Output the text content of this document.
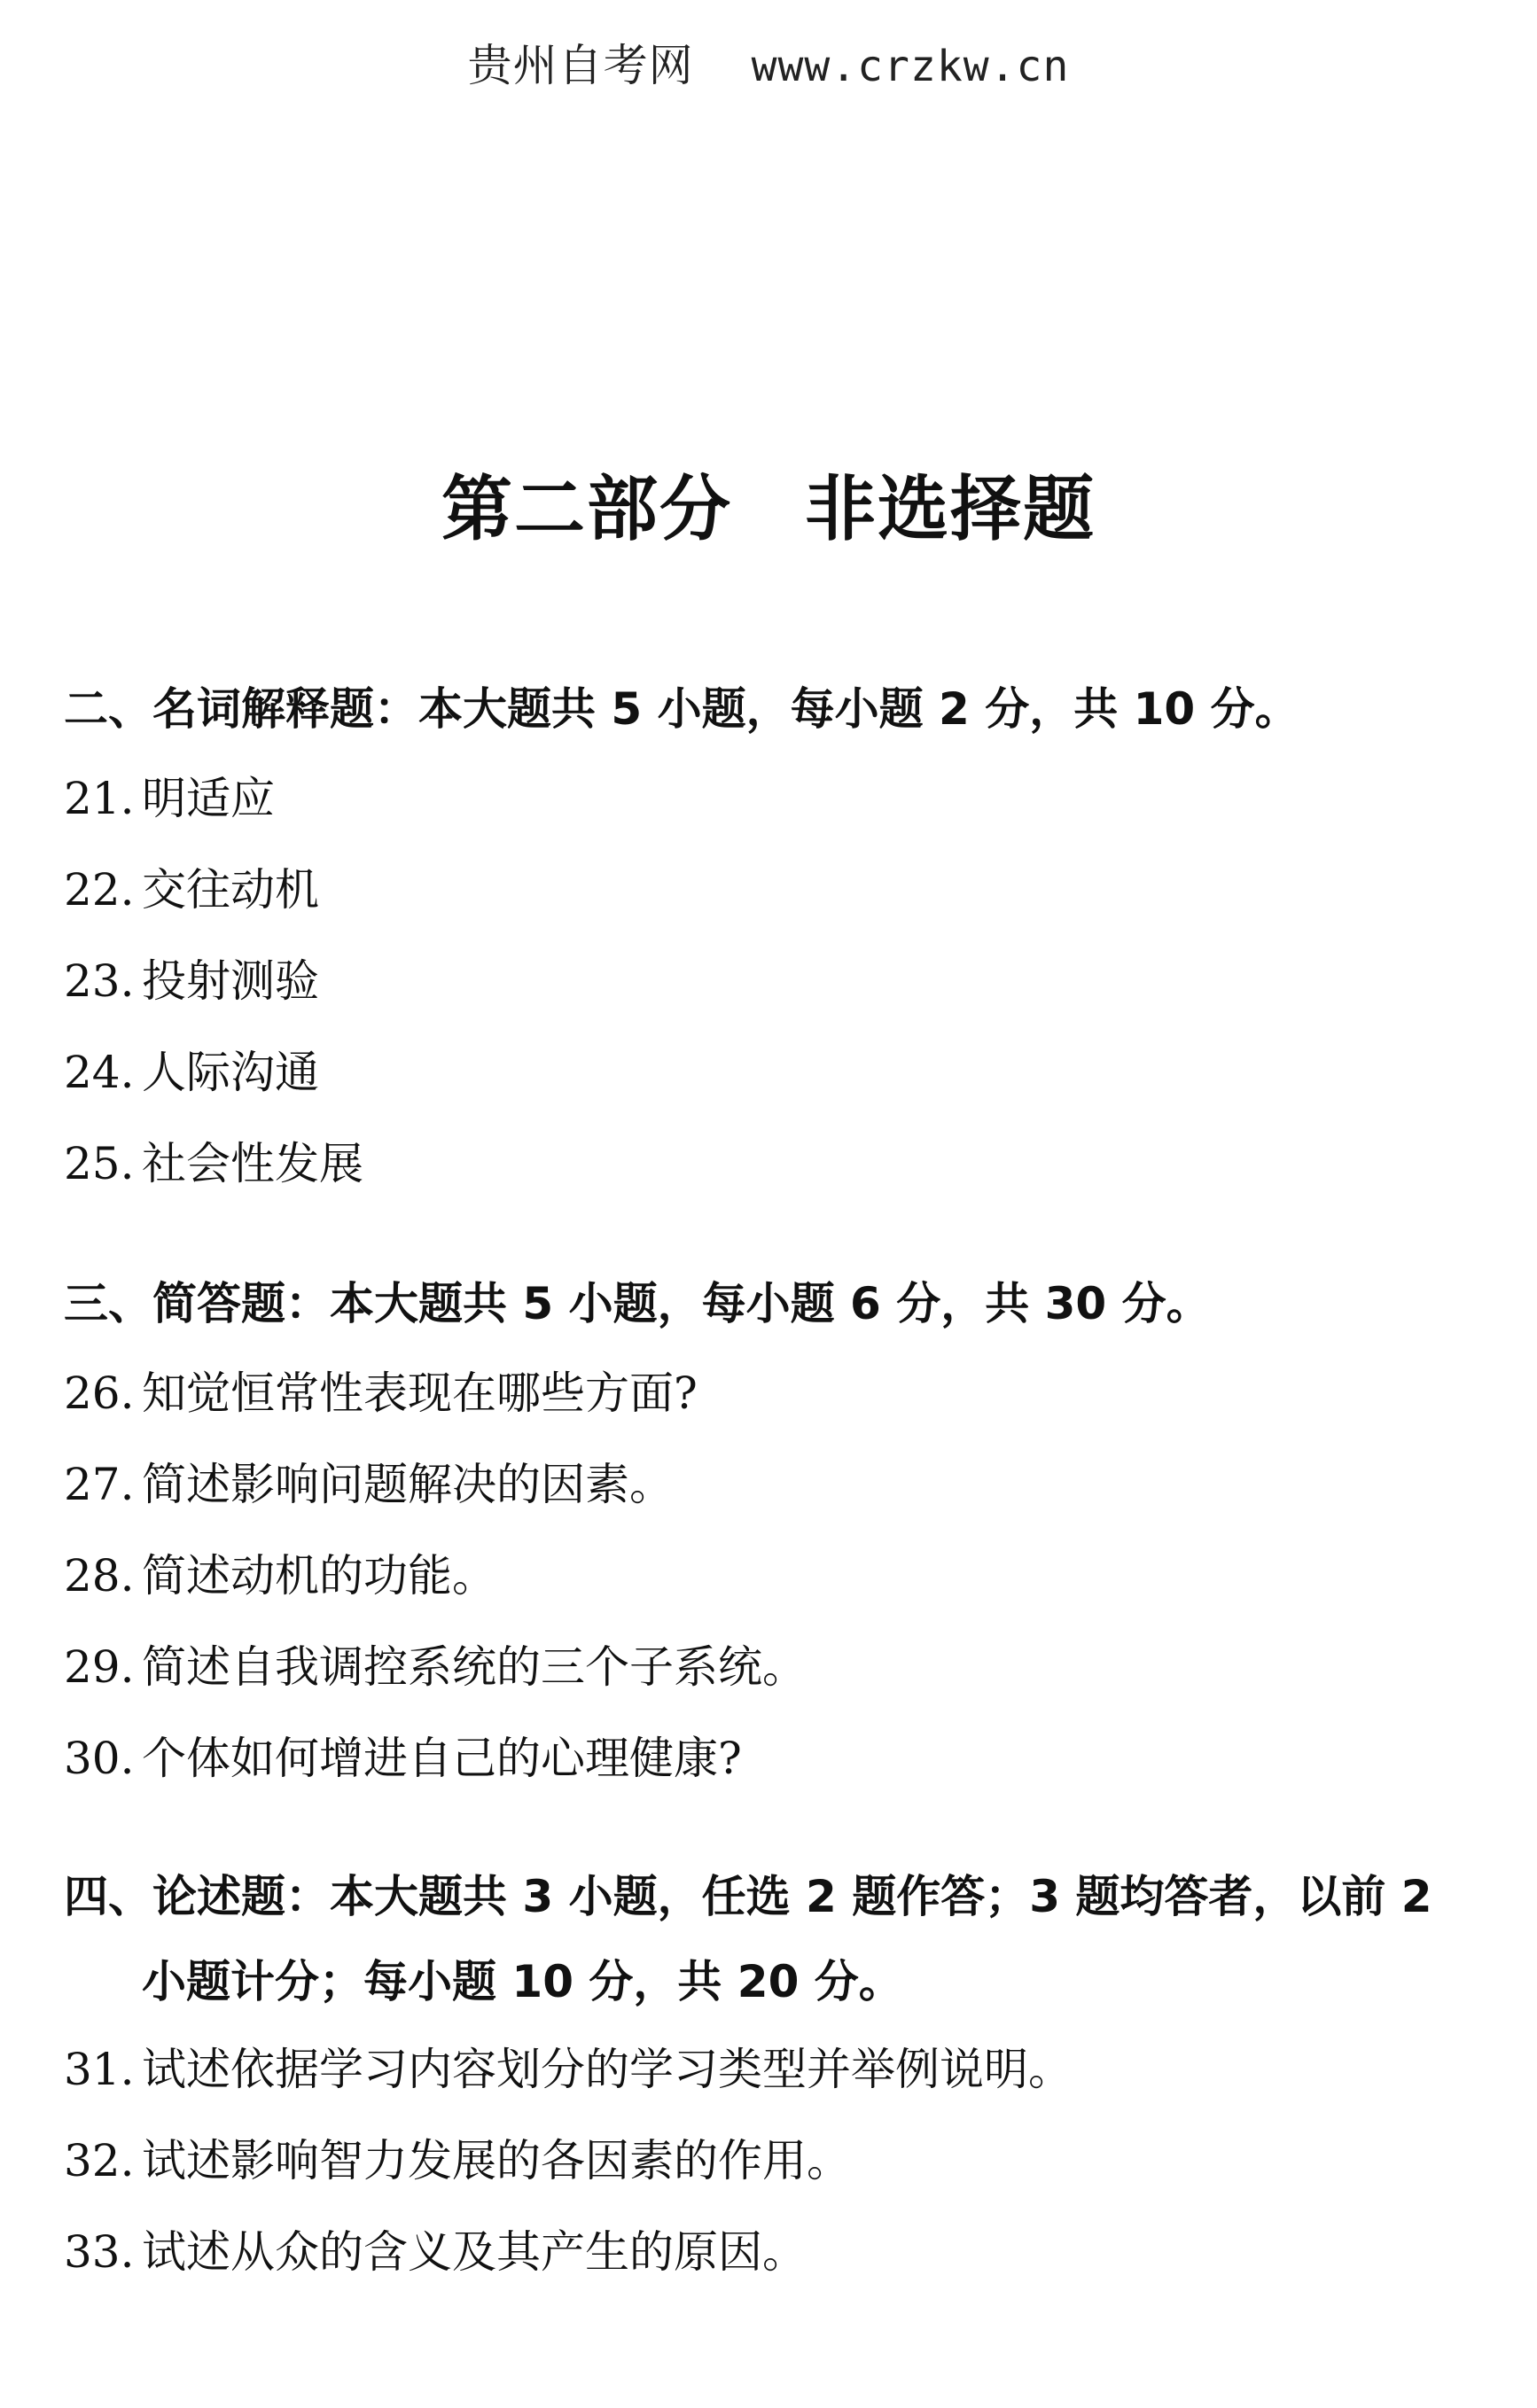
贵州自考网 www.crzkw.cn
第二部分　非选择题
二、名词解释题：本大题共 5 小题，每小题 2 分，共 10 分。
21. 明适应
22. 交往动机
23. 投射测验
24. 人际沟通
25. 社会性发展
三、简答题：本大题共 5 小题，每小题 6 分，共 30 分。
26. 知觉恒常性表现在哪些方面?
27. 简述影响问题解决的因素。
28. 简述动机的功能。
29. 简述自我调控系统的三个子系统。
30. 个体如何增进自己的心理健康?
四、论述题：本大题共 3 小题，任选 2 题作答；3 题均答者，以前 2 小题计分；每小题 10 分，共 20 分。
31. 试述依据学习内容划分的学习类型并举例说明。
32. 试述影响智力发展的各因素的作用。
33. 试述从众的含义及其产生的原因。
